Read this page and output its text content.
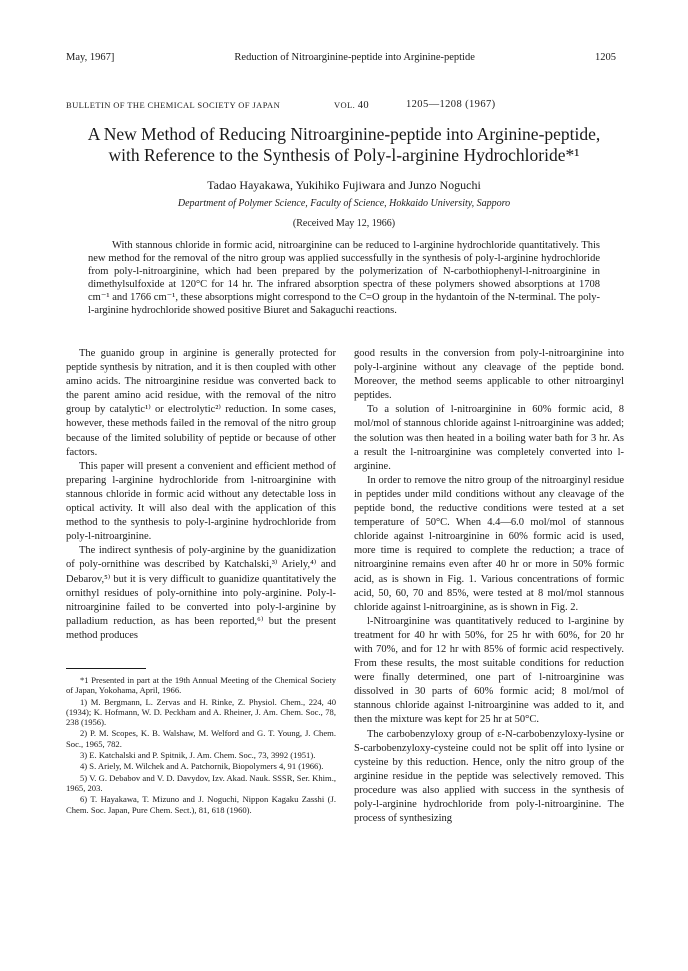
May, 1967]	Reduction of Nitroarginine-peptide into Arginine-peptide	1205
BULLETIN OF THE CHEMICAL SOCIETY OF JAPAN	VOL. 40	1205—1208 (1967)
A New Method of Reducing Nitroarginine-peptide into Arginine-peptide,
with Reference to the Synthesis of Poly-l-arginine Hydrochloride*¹
Tadao Hayakawa, Yukihiko Fujiwara and Junzo Noguchi
Department of Polymer Science, Faculty of Science, Hokkaido University, Sapporo
(Received May 12, 1966)

With stannous chloride in formic acid, nitroarginine can be reduced to l-arginine hydrochloride quantitatively. This new method for the removal of the nitro group was applied successfully in the synthesis of poly-l-arginine hydrochloride from poly-l-nitroarginine, which had been prepared by the polymerization of N-carbothiophenyl-l-nitroarginine in dimethylsulfoxide at 120°C for 14 hr. The infrared absorption spectra of these polymers showed absorptions at 1708 cm⁻¹ and 1766 cm⁻¹, these absorptions might correspond to the C=O group in the hydantoin of the N-terminal. The poly-l-arginine hydrochloride showed positive Biuret and Sakaguchi reactions.

The guanido group in arginine is generally protected for peptide synthesis by nitration, and it is then coupled with other amino acids. The nitroarginine residue was converted back to the parent amino acid residue, with the removal of the nitro group by catalytic¹⁾ or electrolytic²⁾ reduction. In some cases, however, these methods failed in the removal of the nitro group because of the limited solubility of peptide or because of other factors.

This paper will present a convenient and efficient method of preparing l-arginine hydrochloride from l-nitroarginine with stannous chloride in formic acid without any detectable loss in optical activity. It will also deal with the application of this method to the synthesis to poly-l-arginine hydrochloride from poly-l-nitroarginine.

The indirect synthesis of poly-arginine by the guanidization of poly-ornithine was described by Katchalski,³⁾ Ariely,⁴⁾ and Debarov,⁵⁾ but it is very difficult to guanidize quantitatively the ornithyl residues of poly-ornithine into poly-arginine. Poly-l-nitroarginine failed to be converted into poly-l-arginine by palladium reduction, as has been reported,⁶⁾ but the present method produces

*1 Presented in part at the 19th Annual Meeting of the Chemical Society of Japan, Yokohama, April, 1966.

1) M. Bergmann, L. Zervas and H. Rinke, Z. Physiol. Chem., 224, 40 (1934); K. Hofmann, W. D. Peckham and A. Rheiner, J. Am. Chem. Soc., 78, 238 (1956).

2) P. M. Scopes, K. B. Walshaw, M. Welford and G. T. Young, J. Chem. Soc., 1965, 782.

3) E. Katchalski and P. Spitnik, J. Am. Chem. Soc., 73, 3992 (1951).

4) S. Ariely, M. Wilchek and A. Patchornik, Biopolymers 4, 91 (1966).

5) V. G. Debabov and V. D. Davydov, Izv. Akad. Nauk. SSSR, Ser. Khim., 1965, 203.

6) T. Hayakawa, T. Mizuno and J. Noguchi, Nippon Kagaku Zasshi (J. Chem. Soc. Japan, Pure Chem. Sect.), 81, 618 (1960).

good results in the conversion from poly-l-nitroarginine into poly-l-arginine without any cleavage of the peptide bond. Moreover, the method seems applicable to other nitroarginyl peptides.

To a solution of l-nitroarginine in 60% formic acid, 8 mol/mol of stannous chloride against l-nitroarginine was added; the solution was then heated in a boiling water bath for 3 hr. As a result the l-nitroarginine was completely converted into l-arginine.

In order to remove the nitro group of the nitroarginyl residue in peptides under mild conditions without any cleavage of the peptide bond, the reductive conditions were tested at a set temperature of 50°C. When 4.4—6.0 mol/mol of stannous chloride against l-nitroarginine in 60% formic acid is used, more time is required to complete the reduction; a trace of nitroarginine remains even after 40 hr or more in 50% formic acid, as is shown in Fig. 1. Various concentrations of formic acid, 50, 60, 70 and 85%, were tested at 8 mol/mol stannous chloride against l-nitroarginine, as is shown in Fig. 2.

l-Nitroarginine was quantitatively reduced to l-arginine by treatment for 40 hr with 50%, for 25 hr with 60%, for 20 hr with 70%, and for 12 hr with 85% of formic acid respectively. From these results, the most suitable conditions for reduction were finally determined, one part of l-nitroarginine was dissolved in 30 parts of 60% formic acid; 8 mol/mol of stannous chloride against l-nitroarginine was added to it, and then the mixture was kept for 25 hr at 50°C.

The carbobenzyloxy group of ε-N-carbobenzyloxy-lysine or S-carbobenzyloxy-cysteine could not be split off into lysine or cysteine by this reduction. Hence, only the nitro group of the arginine residue in the peptide was selectively removed. This procedure was also applied with success in the synthesis of poly-l-arginine hydrochloride from poly-l-nitroarginine. The process of synthesizing
